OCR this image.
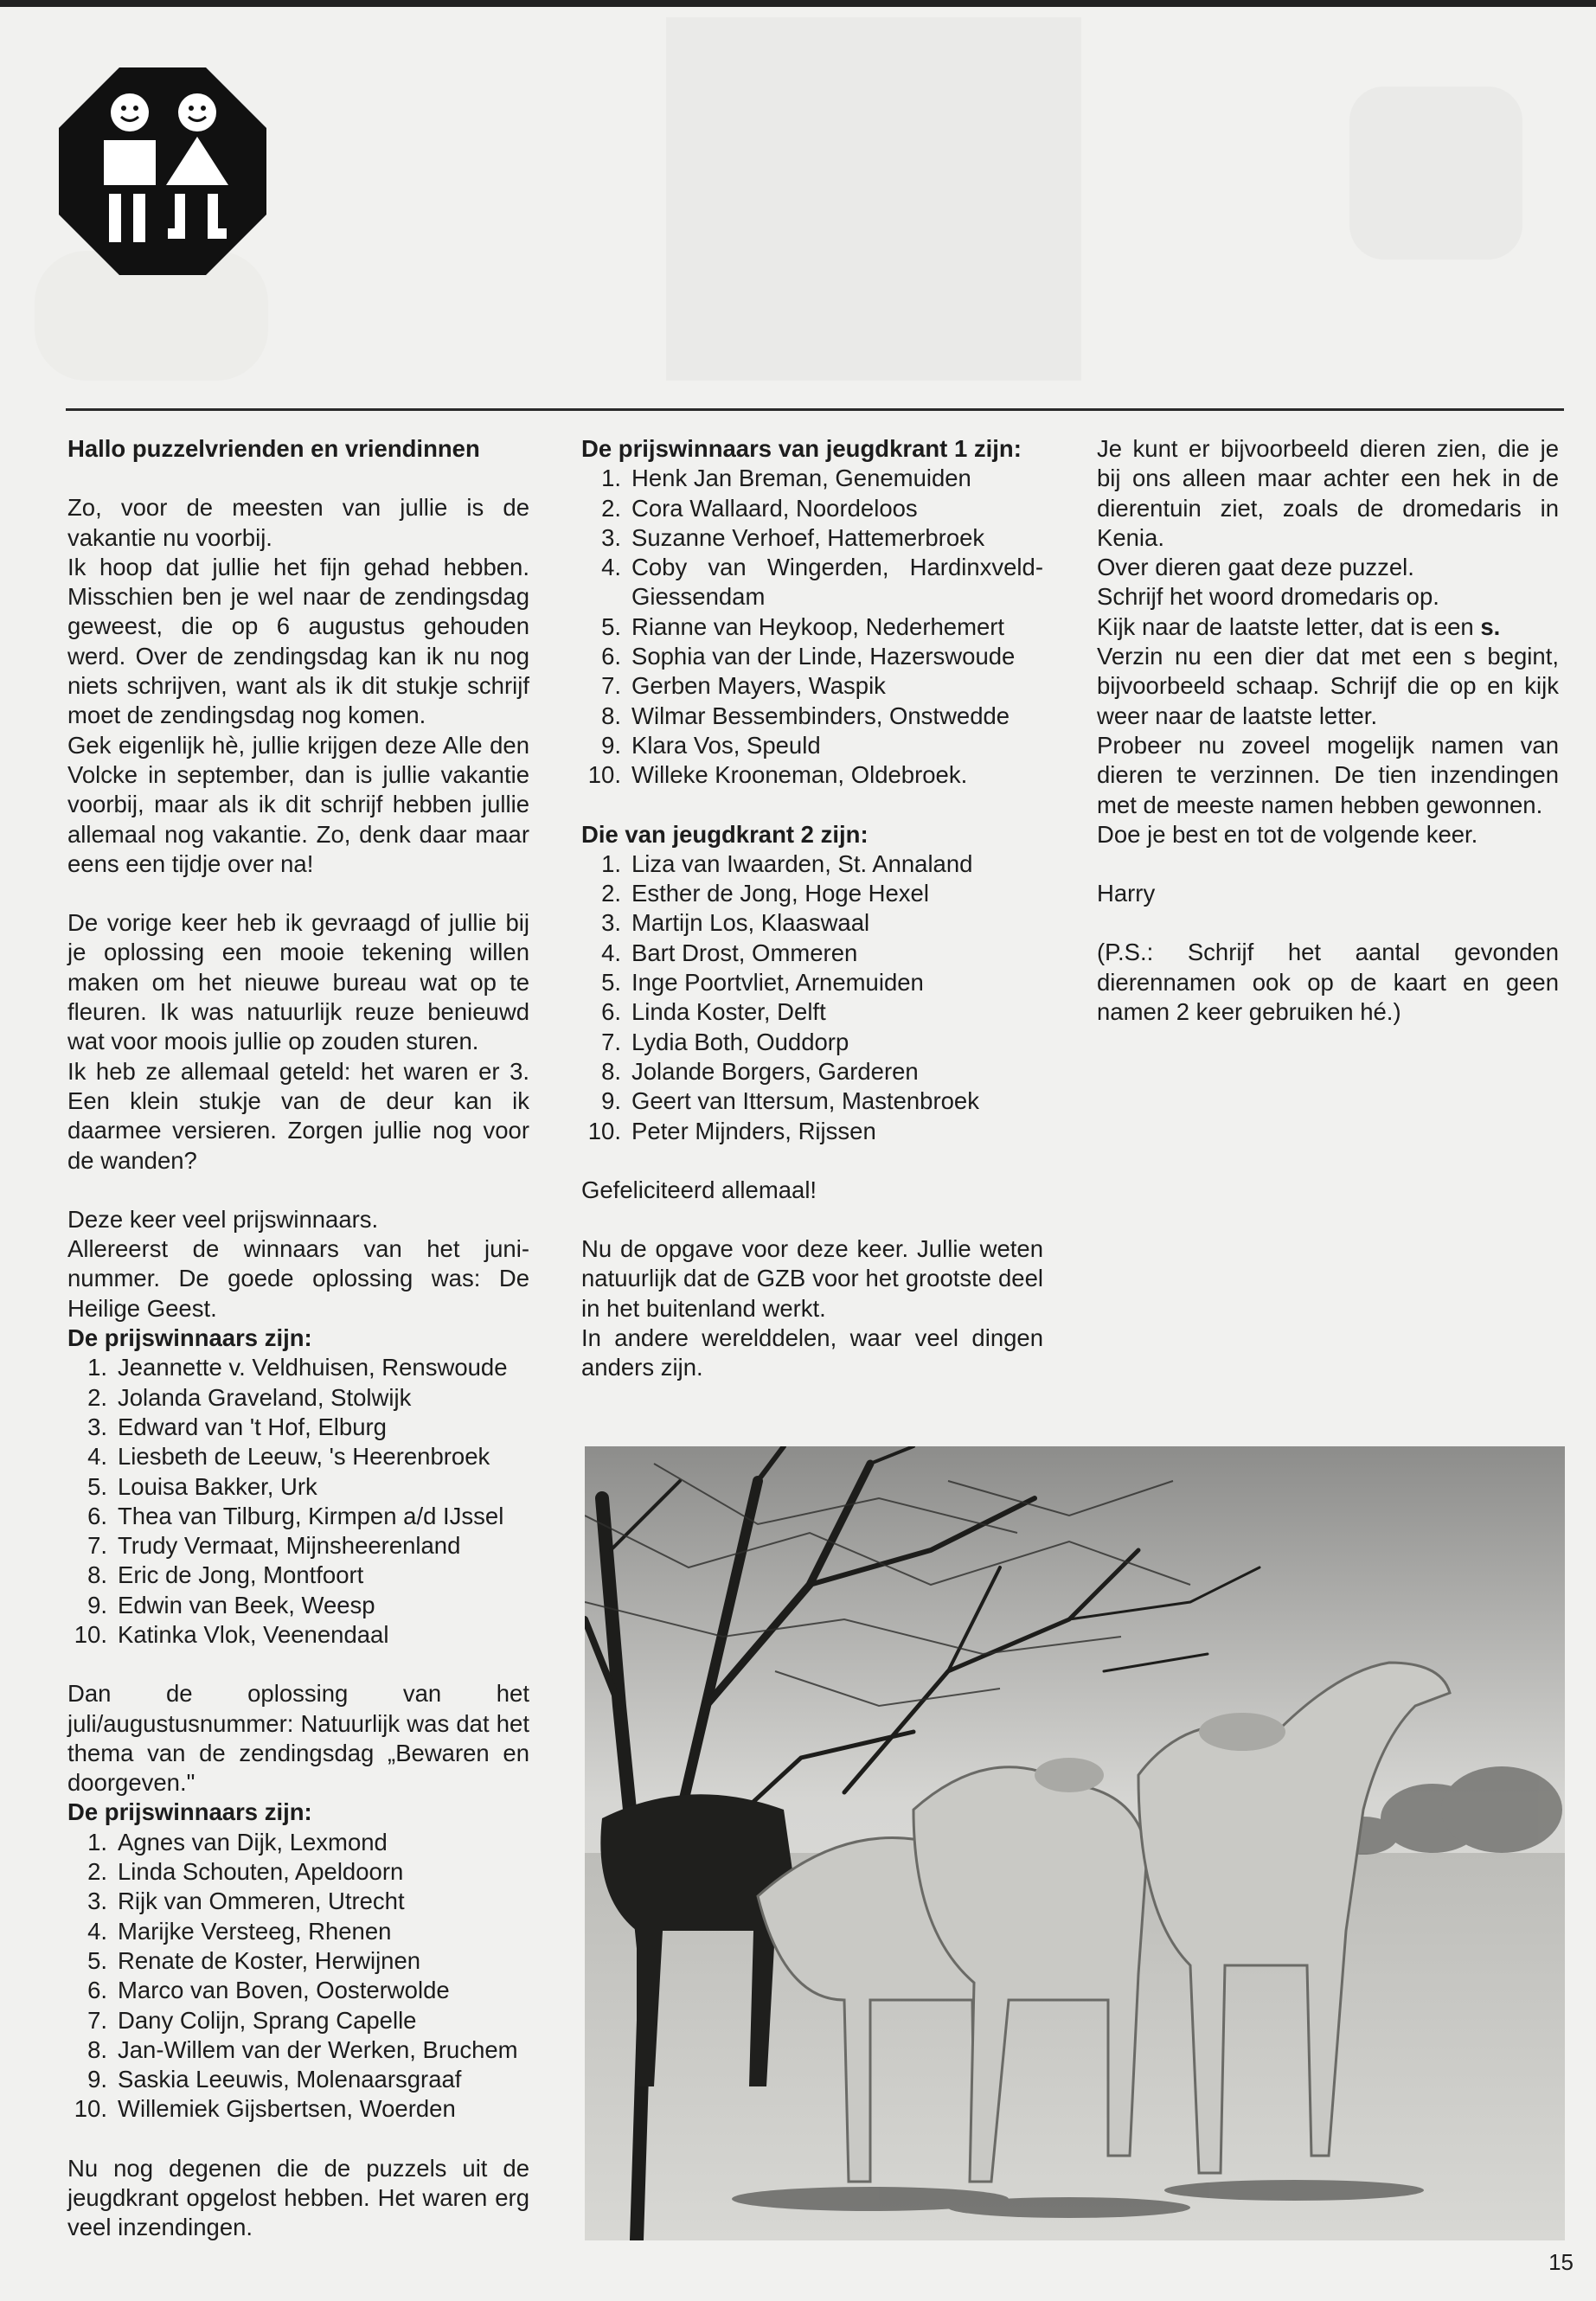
Hallo puzzelvrienden en vriendinnen

Zo, voor de meesten van jullie is de vakantie nu voorbij.

Ik hoop dat jullie het fijn gehad hebben. Misschien ben je wel naar de zendingsdag geweest, die op 6 augustus gehouden werd. Over de zendingsdag kan ik nu nog niets schrijven, want als ik dit stukje schrijf moet de zendingsdag nog komen.

Gek eigenlijk hè, jullie krijgen deze Alle den Volcke in september, dan is jullie vakantie voorbij, maar als ik dit schrijf hebben jullie allemaal nog vakantie. Zo, denk daar maar eens een tijdje over na!

De vorige keer heb ik gevraagd of jullie bij je oplossing een mooie tekening willen maken om het nieuwe bureau wat op te fleuren. Ik was natuurlijk reuze benieuwd wat voor moois jullie op zouden sturen.

Ik heb ze allemaal geteld: het waren er 3. Een klein stukje van de deur kan ik daarmee versieren. Zorgen jullie nog voor de wanden?

Deze keer veel prijswinnaars.

Allereerst de winnaars van het juni-nummer. De goede oplossing was: De Heilige Geest.

De prijswinnaars zijn:

1. Jeannette v. Veldhuisen, Renswoude
2. Jolanda Graveland, Stolwijk
3. Edward van 't Hof, Elburg
4. Liesbeth de Leeuw, 's Heerenbroek
5. Louisa Bakker, Urk
6. Thea van Tilburg, Kirmpen a/d IJssel
7. Trudy Vermaat, Mijnsheerenland
8. Eric de Jong, Montfoort
9. Edwin van Beek, Weesp
10. Katinka Vlok, Veenendaal

Dan de oplossing van het juli/augustusnummer: Natuurlijk was dat het thema van de zendingsdag „Bewaren en doorgeven."

De prijswinnaars zijn:

1. Agnes van Dijk, Lexmond
2. Linda Schouten, Apeldoorn
3. Rijk van Ommeren, Utrecht
4. Marijke Versteeg, Rhenen
5. Renate de Koster, Herwijnen
6. Marco van Boven, Oosterwolde
7. Dany Colijn, Sprang Capelle
8. Jan-Willem van der Werken, Bruchem
9. Saskia Leeuwis, Molenaarsgraaf
10. Willemiek Gijsbertsen, Woerden

Nu nog degenen die de puzzels uit de jeugdkrant opgelost hebben. Het waren erg veel inzendingen.

De prijswinnaars van jeugdkrant 1 zijn:

1. Henk Jan Breman, Genemuiden
2. Cora Wallaard, Noordeloos
3. Suzanne Verhoef, Hattemerbroek
4. Coby van Wingerden, Hardinxveld-Giessendam
5. Rianne van Heykoop, Nederhemert
6. Sophia van der Linde, Hazerswoude
7. Gerben Mayers, Waspik
8. Wilmar Bessembinders, Onstwedde
9. Klara Vos, Speuld
10. Willeke Krooneman, Oldebroek.

Die van jeugdkrant 2 zijn:

1. Liza van Iwaarden, St. Annaland
2. Esther de Jong, Hoge Hexel
3. Martijn Los, Klaaswaal
4. Bart Drost, Ommeren
5. Inge Poortvliet, Arnemuiden
6. Linda Koster, Delft
7. Lydia Both, Ouddorp
8. Jolande Borgers, Garderen
9. Geert van Ittersum, Mastenbroek
10. Peter Mijnders, Rijssen

Gefeliciteerd allemaal!

Nu de opgave voor deze keer. Jullie weten natuurlijk dat de GZB voor het grootste deel in het buitenland werkt.

In andere werelddelen, waar veel dingen anders zijn.

Je kunt er bijvoorbeeld dieren zien, die je bij ons alleen maar achter een hek in de dierentuin ziet, zoals de dromedaris in Kenia.

Over dieren gaat deze puzzel.

Schrijf het woord dromedaris op.

Kijk naar de laatste letter, dat is een s.

Verzin nu een dier dat met een s begint, bijvoorbeeld schaap. Schrijf die op en kijk weer naar de laatste letter.

Probeer nu zoveel mogelijk namen van dieren te verzinnen. De tien inzendingen met de meeste namen hebben gewonnen.

Doe je best en tot de volgende keer.

Harry

(P.S.: Schrijf het aantal gevonden dierennamen ook op de kaart en geen namen 2 keer gebruiken hé.)

15
